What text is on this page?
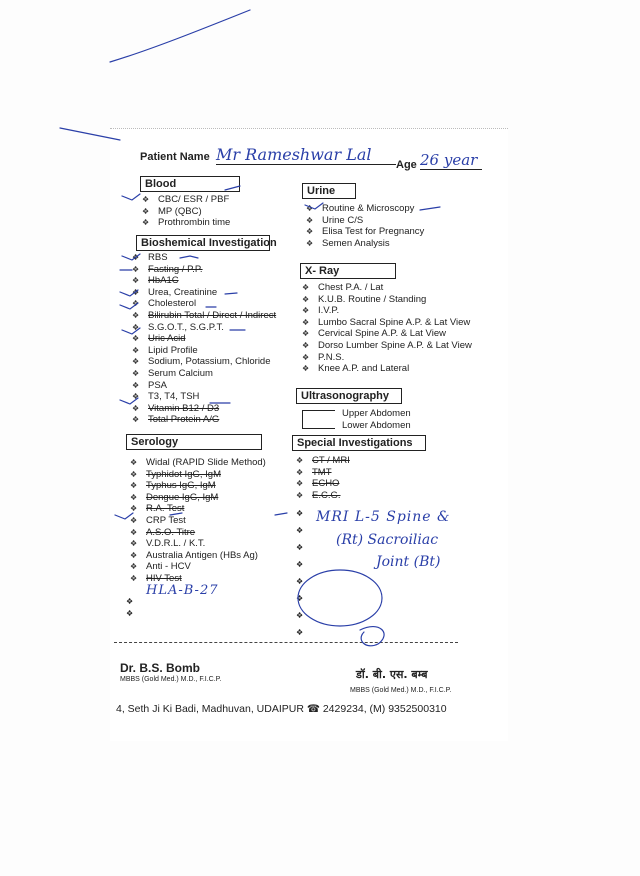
Patient Name Mr Rameshwar Lal
Age 26 year
Blood
❖ CBC/ ESR / PBF
❖ MP (QBC)
❖ Prothrombin time
Bioshemical Investigation
❖ RBS
❖ Fasting / P.P.
❖ HbA1C
❖ Urea, Creatinine
❖ Cholesterol
❖ Bilirubin Total / Direct / Indirect
❖ S.G.O.T., S.G.P.T.
❖ Uric Acid
❖ Lipid Profile
❖ Sodium, Potassium, Chloride
❖ Serum Calcium
❖ PSA
❖ T3, T4, TSH
❖ Vitamin B12 / D3
❖ Total Protein A/G
Serology
❖ Widal (RAPID Slide Method)
❖ Typhidot IgG, IgM
❖ Typhus IgG, IgM
❖ Dengue IgG, IgM
❖ R.A. Test
❖ CRP Test
❖ A.S.O. Titre
❖ V.D.R.L. / K.T.
❖ Australia Antigen (HBs Ag)
❖ Anti - HCV
❖ HIV Test
HLA-B-27
❖
❖
Urine
❖ Routine & Microscopy
❖ Urine C/S
❖ Elisa Test for Pregnancy
❖ Semen Analysis
X- Ray
❖ Chest P.A. / Lat
❖ K.U.B. Routine / Standing
❖ I.V.P.
❖ Lumbo Sacral Spine A.P. & Lat View
❖ Cervical Spine A.P. & Lat View
❖ Dorso Lumber Spine A.P. & Lat View
❖ P.N.S.
❖ Knee A.P. and Lateral
Ultrasonography
Upper Abdomen
Lower Abdomen
Special Investigations
❖ CT / MRI
❖ TMT
❖ ECHO
❖ E.C.G.
❖
❖
❖
❖
❖
❖
❖
❖
MRI L-5 Spine &
(Rt) Sacroiliac
Joint (Bt)
Dr. B.S. Bomb
MBBS (Gold Med.) M.D., F.I.C.P.	डॉ. बी. एस. बम्ब
MBBS (Gold Med.) M.D., F.I.C.P.
4, Seth Ji Ki Badi, Madhuvan, UDAIPUR ☎ 2429234, (M) 9352500310
